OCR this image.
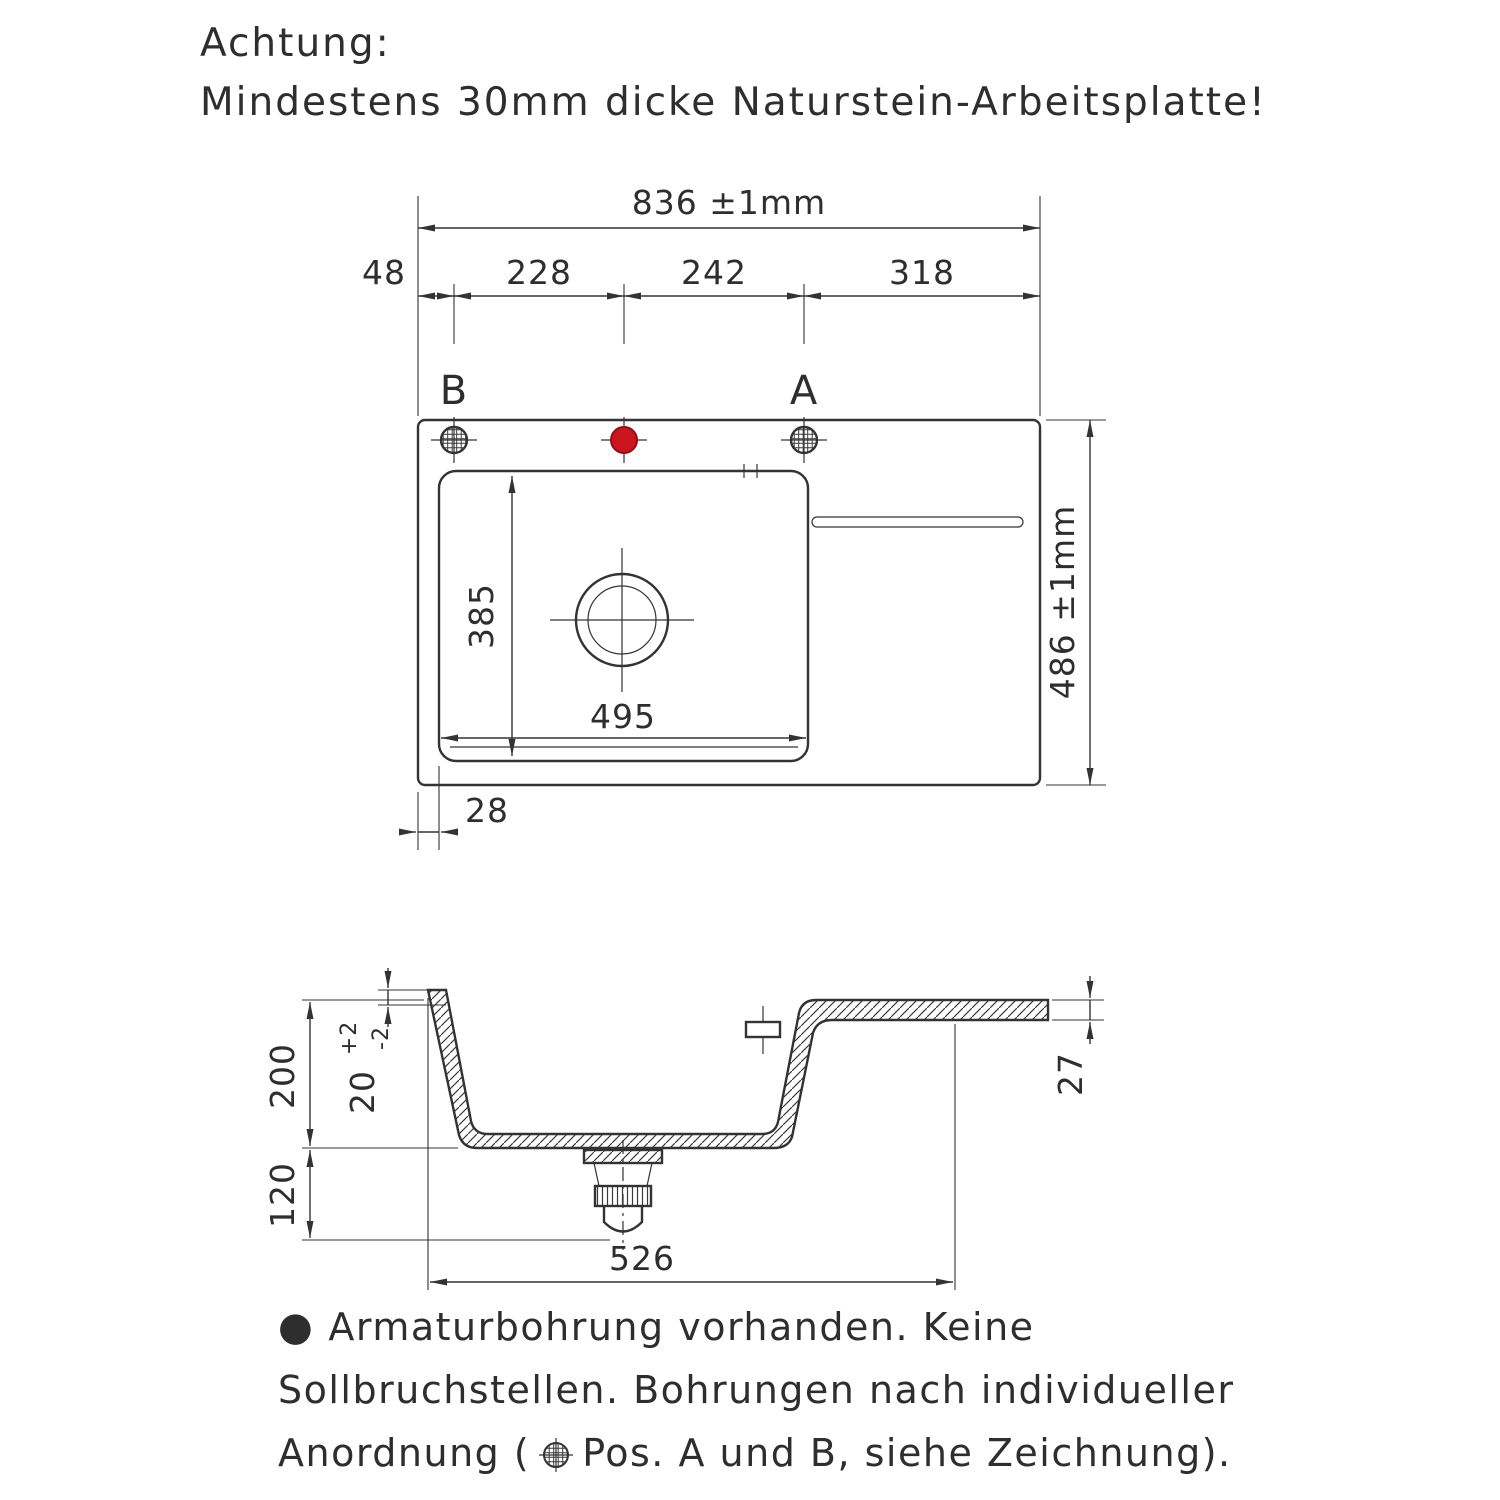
Achtung:
Mindestens 30mm dicke Naturstein-Arbeitsplatte!
836 ±1mm
48	228	242	318
B	A
486 ±1mm
385
495
28
200
120
20
+2 -2
27
526
● Armaturbohrung vorhanden. Keine
Sollbruchstellen. Bohrungen nach individueller
Anordnung ( Pos. A und B, siehe Zeichnung).
